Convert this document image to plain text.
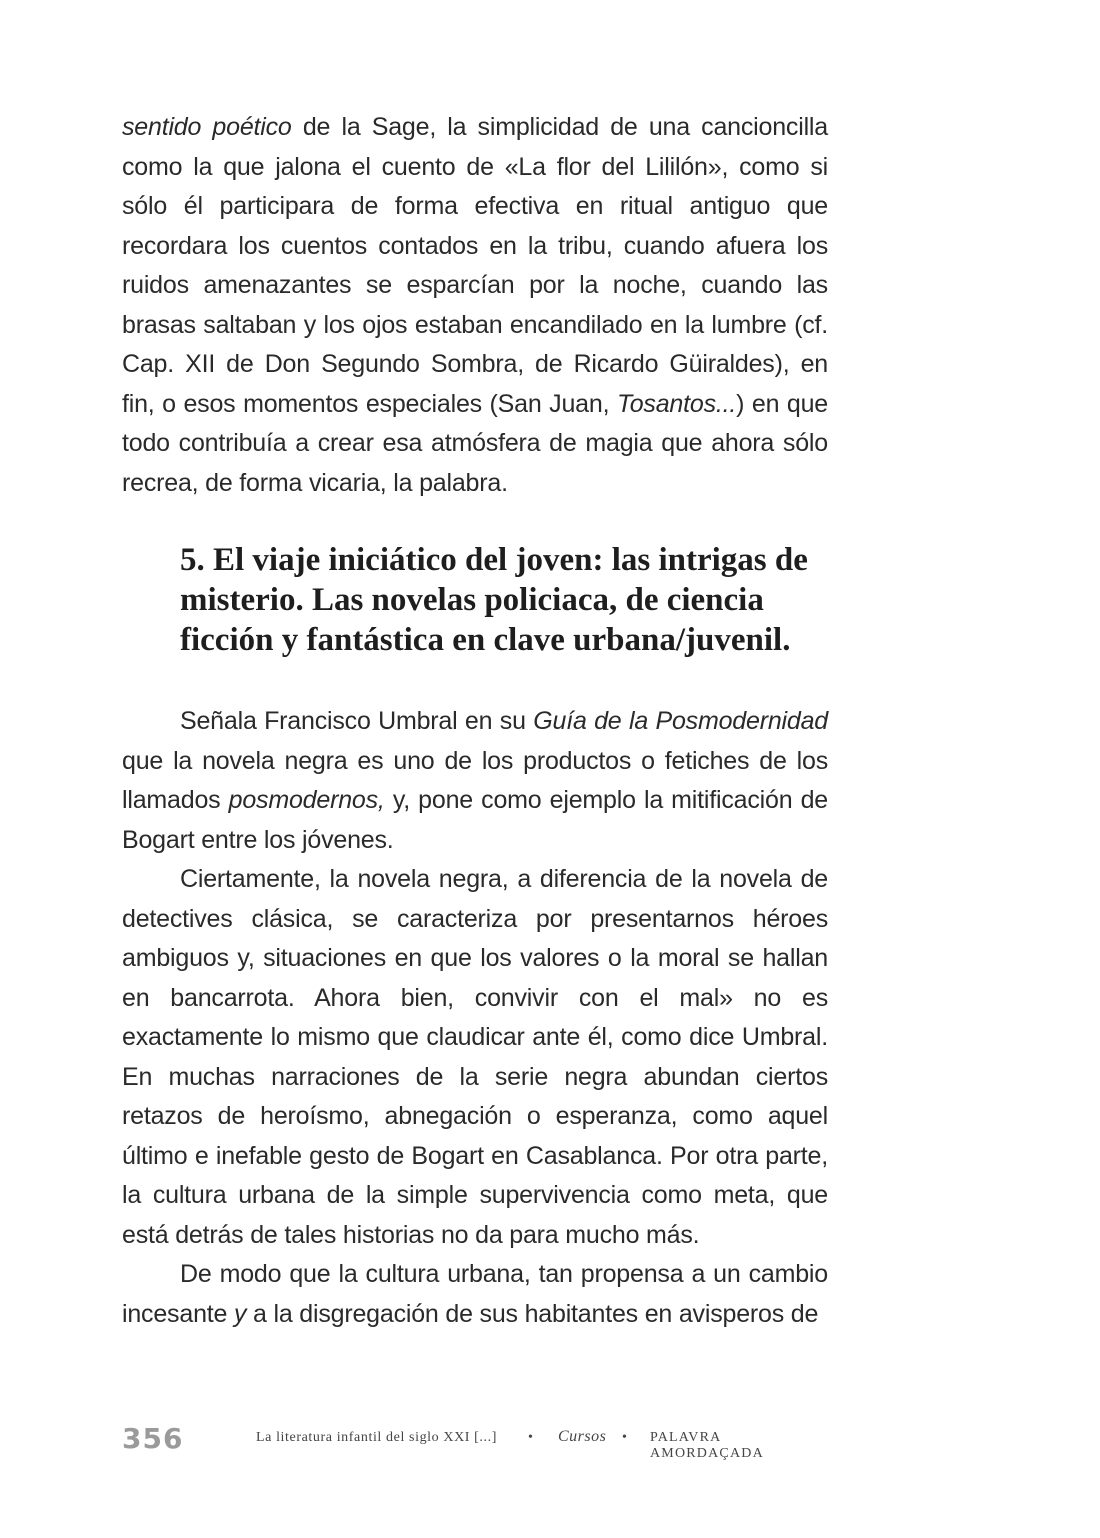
sentido poético de la Sage, la simplicidad de una cancioncilla como la que jalona el cuento de «La flor del Lililón», como si sólo él participara de forma efectiva en ritual antiguo que recordara los cuentos contados en la tribu, cuando afuera los ruidos amenazantes se esparcían por la noche, cuando las brasas saltaban y los ojos estaban encandilado en la lumbre (cf. Cap. XII de Don Segundo Sombra, de Ricardo Güiraldes), en fin, o esos momentos especiales (San Juan, Tosantos...) en que todo contribuía a crear esa atmósfera de magia que ahora sólo recrea, de forma vicaria, la palabra.

5. El viaje iniciático del joven: las intrigas de misterio. Las novelas policiaca, de ciencia ficción y fantástica en clave urbana/juvenil.

Señala Francisco Umbral en su Guía de la Posmodernidad que la novela negra es uno de los productos o fetiches de los llamados posmodernos, y, pone como ejemplo la mitificación de Bogart entre los jóvenes.

Ciertamente, la novela negra, a diferencia de la novela de detectives clásica, se caracteriza por presentarnos héroes ambiguos y, situaciones en que los valores o la moral se hallan en bancarrota. Ahora bien, convivir con el mal» no es exactamente lo mismo que claudicar ante él, como dice Umbral. En muchas narraciones de la serie negra abundan ciertos retazos de heroísmo, abnegación o esperanza, como aquel último e inefable gesto de Bogart en Casablanca. Por otra parte, la cultura urbana de la simple supervivencia como meta, que está detrás de tales historias no da para mucho más.

De modo que la cultura urbana, tan propensa a un cambio incesante y a la disgregación de sus habitantes en avisperos de

356	La literatura infantil del siglo XXI [...] • Cursos • PALAVRA AMORDAÇADA
